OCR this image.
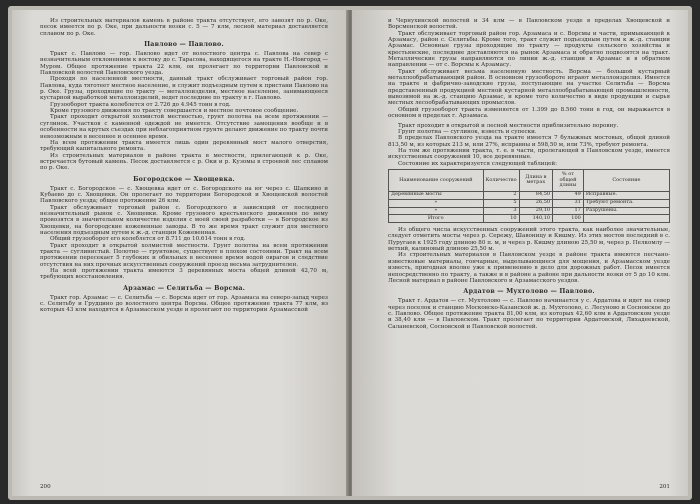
Из строительных материалов камень в районе тракта отсутствует, его завозят по р. Оке, песок имеется по р. Оке, при дальности возки с. 5 — 7 клм, лесной материал доставляется сплавом по р. Оке.

Павлово — Павлово.

Тракт с. Павлово — гор. Павлово идет от волостного центра с. Павлова на север с незначительным отклонением к востоку до с. Тарасова, находящегося на тракте Н.-Новгород — Муром. Общее протяжение тракта 22 клм, он пролегает по территории Павловской и Павловской волостей Павловского уезда.

Проходя по населенной местности, данный тракт обслуживает торговый район гор. Павлова, куда тяготеет местное население, и служит подъездным путем к пристани Павлово на р. Оке. Грузы, проходящие по тракту — металлоизделия, местное население, занимающееся кустарной выработкой металлоизделий, ведет последние по тракту в г. Павлово.

Грузооборот тракта колеблется от 2.726 до 4.945 тонн в год.

Кроме грузового движения по тракту совершается и местное почтовое сообщение.

Тракт проходит открытой холмистой местностью, грунт полотна на всем протяжении — суглинок. Участков с каменной одеждой не имеется. Отсутствие замощения вообще и в особенности на крутых съездах при неблагоприятном грунте делают движение по тракту почти невозможным в весеннее и осеннее время.

На всем протяжении тракта имеется лишь один деревянный мост малого отверстия, требующий капитального ремонта.

Из строительных материалов в районе тракта в местности, прилегающей к р. Оке, встречается бутовый камень. Песок доставляется с р. Оки и р. Кузомы в строевой лес сплавом по р. Оке.

Богородское — Хвощевка.

Тракт с. Богородское — с. Хвощевка идет от с. Богородского на юг через с. Шапкино и Кубаево до с. Хвощевки. Он пролегает по территории Богородской и Хвощевской волостей Павловского уезда; общее протяжение 26 клм.

Тракт обслуживает торговый район с. Богородского и зависящий от последнего незначительный рынок с. Хвощевки. Кроме грузового крестьянского движения по нему провозятся в значительном количестве изделия с моей своей разработки — в Богородское из Хвощевки, на богородские кожевенные заводы. В то же время тракт служит для местного населения подъездным путем к ж.-д. станции Кожевенная.

Общий грузооборот его колеблется от 8.711 до 10.614 тонн в год.

Тракт проходит в открытой холмистой местности. Грунт полотна на всем протяжении тракта — суглинистый. Полотно — грунтовое, существует в плохом состоянии. Тракт на всем протяжении пересекает 5 глубоких и обильных в весеннее время водой оврагов и следствие отсутствия на них прочных искусственных сооружений проезд весьма затруднителен.

На всей протяжении тракта имеются 3 деревянных моста общей длиной 42,70 м, требующих восстановления.

Арзамас — Селитьба — Ворсма.

Тракт гор. Арзамас — с. Селитьба — с. Ворсма идет от гор. Арзамаса на северо-запад через с. Селитьбу и Грудцино до волостного центра Ворсма. Общее протяжение тракта 77 клм, из которых 43 клм находятся в Арзамасском уезде и пролегают по территории Арзамасской

200

и Чернухинской волостей и 34 клм — в Павловском уезде в пределах Хвощевской и Ворсменской волостей.

Тракт обслуживает торговый район гор. Арзамаса и с. Ворсмы и части, примыкающей к Арзамасу, район с. Селитьбы. Кроме того, тракт служит подъездным путем к ж.-д. станции Арзамас. Основные грузы проходящие по тракту — продукты сельского хозяйства и крестьянские, последние доставляются на рынок Арзамаса и обратно подвозятся на тракт. Металлические грузы направляются по линии ж.-д. станции в Арзамас и в обратном направлении — от с. Ворсмы к Арзамасу.

Тракт обслуживает весьма населенную местность. Ворсма — большой кустарный металлообрабатывающий район. В основном грузообороте играют металлоизделия. Имеется на тракте и фабрично-заводские грузы, поступающие на участке Селитьба — Ворсма представленный продукцией местной кустарной металлообрабатывающей промышленности, вывозимой на ж.-д. станцию Арзамас, и кроме того количество в виде продукции и сырья местных лесообрабатывающих промыслов.

Общий грузооборот тракта изменяется от 1.399 до 8.560 тонн в год, он выражается в основном в пределах г. Арзамаса.

Тракт проходит в открытой и лесной местности приблизительно поровну.

Грунт полотна — суглинок, известь и супески.

В пределах Павловского уезда на тракте имеется 7 булыжных мостовых, общей длиной 813,50 м, из которых 213 м, или 27%, исправны и 598,50 м, или 73%, требуют ремонта.

На том же протяжении тракта, т. е. в части, пролегающей в Павловском уезде, имеется искусственных сооружений 10, все деревянные.

Состояние их характеризуется следующей таблицей:

Наименование сооружений	Количество	Длина в метрах	% от общей длины	Состояние
Деревянные мосты	2	84,50	49	Исправные.
»	5	26,50	31	Требуют ремонта.
»	3	29,10	17	Разрушены.
Итого	10	140,10	100	

Из общего числа искусственных сооружений этого тракта, как наиболее значительные, следует отметить мосты через р. Сережу, Шавоницу и Кишму. Из этих мостов последний в с. Пуругаев к 1925 году длиною 80 п. м, и через р. Кишму длиною 25,50 м, через р. Пелкомлу — ветхий, калиновый длиною 25,50 м.

Из строительных материалов в Павловском уезде в районе тракта имеются песчано-известковые материалы, гончарные, выделывающиеся для мощения, и Арзамасском уезде известь, пригодная вполне уже к применению в дело для дорожных работ. Песок имеется непосредственно по тракту, а также и в районе а районе при дальности возки от 5 до 10 клм. Лесной материал в районе Павловского и Арзамасского уездов.

Ардатов — Мухтолово — Павлово.

Тракт г. Ардатов — ст. Мухтолово — с. Павлово начинается у с. Ардатова и идет на север через поселок и станцию Московско-Казанской ж. д. Мухтолово, с. Лесуново и Сосновское до с. Павлово. Общее протяжение тракта 81,00 клм, из которых 42,60 клм в Ардатовском уезде и 38,40 клм — в Павловском. Тракт пролегает по территории Ардатовской, Лихадеевской, Саланевской, Сосновской и Павловской волостей.

201
